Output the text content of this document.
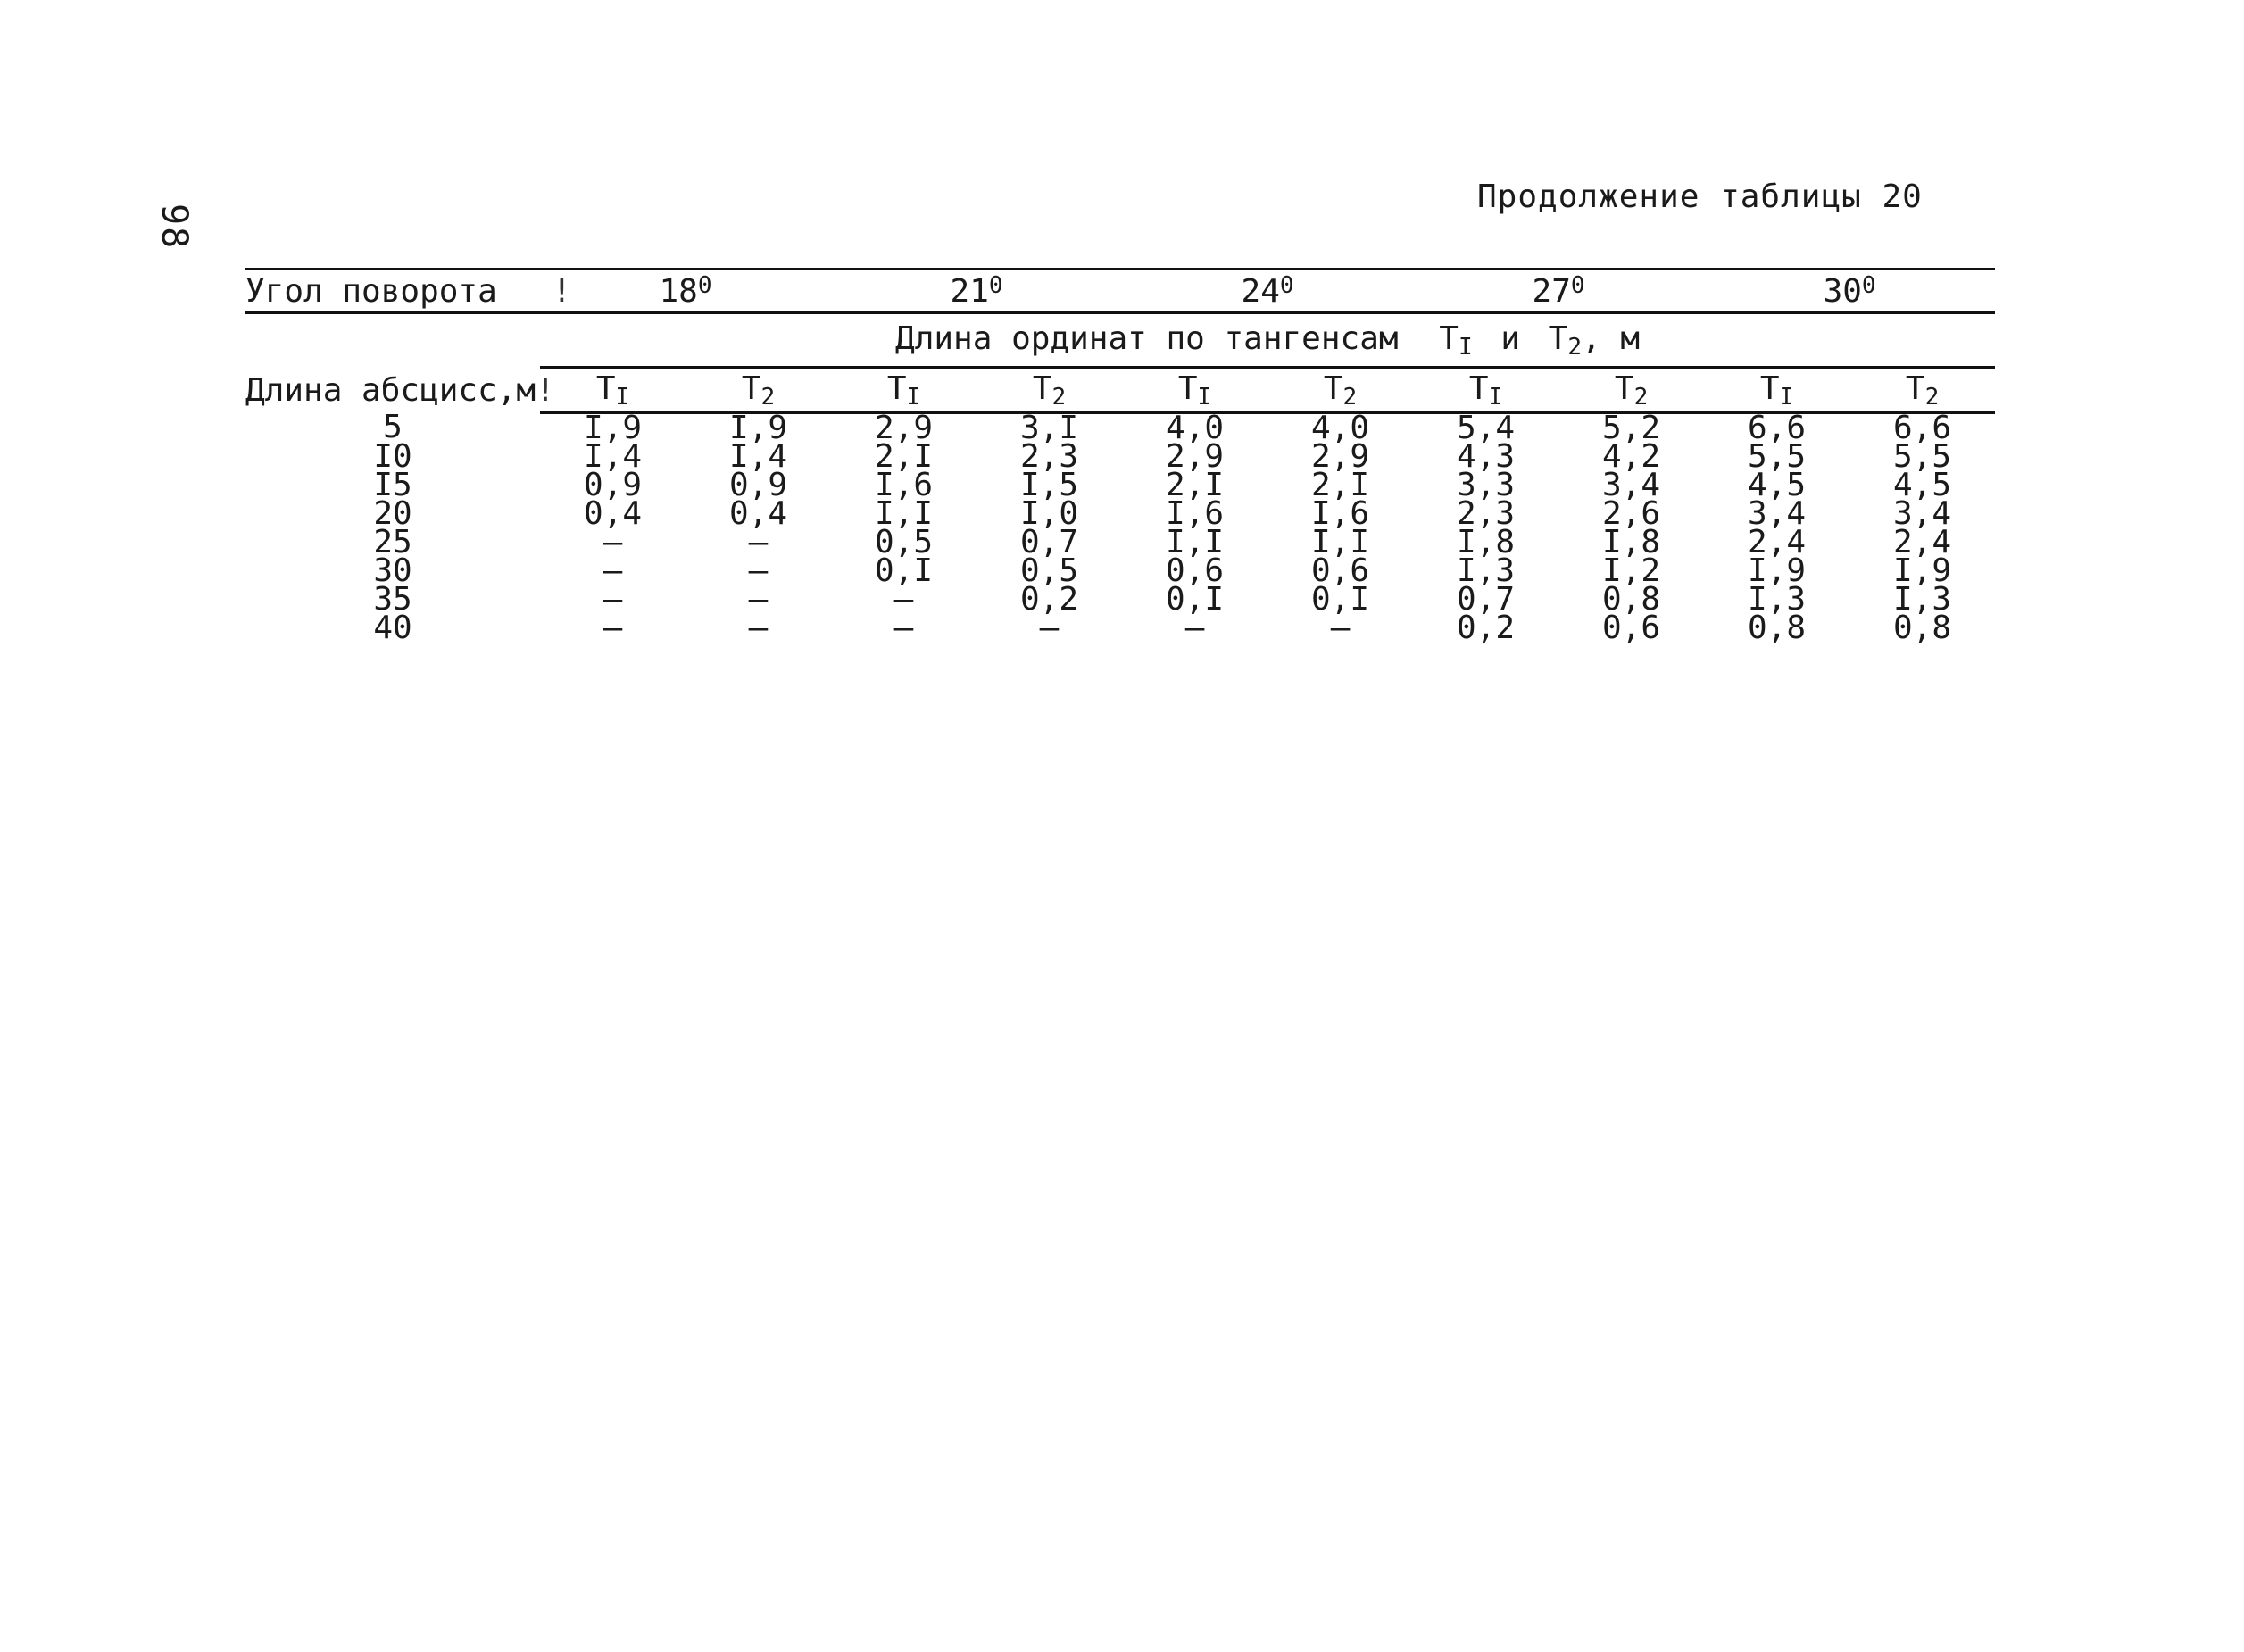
98
Продолжение таблицы 20
Угол поворота !	$18^0$		$21^0$		$24^0$		$27^0$		$30^0$
	Длина ординат по тангенсам $T_I$ и $T_2$, м									
Длина абсцисс,м!	$T_I$	$T_2$	$T_I$	$T_2$	$T_I$	$T_2$	$T_I$	$T_2$	$T_I$	$T_2$
5	I,9	I,9	2,9	3,I	4,0	4,0	5,4	5,2	6,6	6,6
I0	I,4	I,4	2,I	2,3	2,9	2,9	4,3	4,2	5,5	5,5
I5	0,9	0,9	I,6	I,5	2,I	2,I	3,3	3,4	4,5	4,5
20	0,4	0,4	I,I	I,0	I,6	I,6	2,3	2,6	3,4	3,4
25	–	–	0,5	0,7	I,I	I,I	I,8	I,8	2,4	2,4
30	–	–	0,I	0,5	0,6	0,6	I,3	I,2	I,9	I,9
35	–	–	–	0,2	0,I	0,I	0,7	0,8	I,3	I,3
40	–	–	–	–	–	–	0,2	0,6	0,8	0,8
